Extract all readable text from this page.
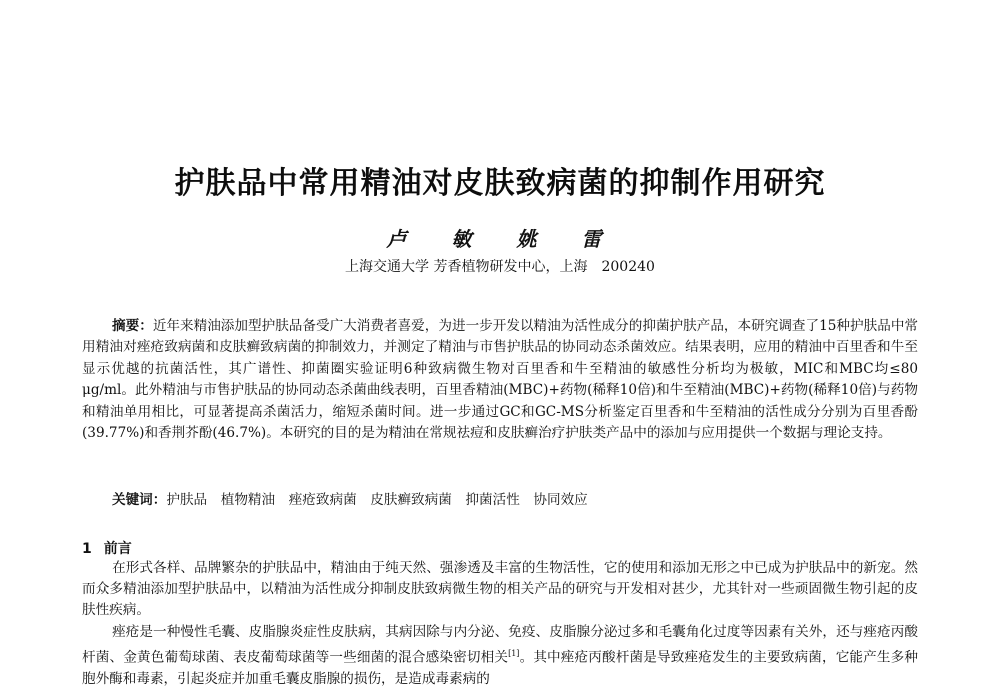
护肤品中常用精油对皮肤致病菌的抑制作用研究
卢 敏 姚 雷
上海交通大学 芳香植物研发中心，上海　200240
摘要：近年来精油添加型护肤品备受广大消费者喜爱，为进一步开发以精油为活性成分的抑菌护肤产品，本研究调查了15种护肤品中常用精油对痤疮致病菌和皮肤癣致病菌的抑制效力，并测定了精油与市售护肤品的协同动态杀菌效应。结果表明，应用的精油中百里香和牛至显示优越的抗菌活性，其广谱性、抑菌圈实验证明6种致病微生物对百里香和牛至精油的敏感性分析均为极敏，MIC和MBC均≤80 μg/ml。此外精油与市售护肤品的协同动态杀菌曲线表明，百里香精油(MBC)+药物(稀释10倍)和牛至精油(MBC)+药物(稀释10倍)与药物和精油单用相比，可显著提高杀菌活力，缩短杀菌时间。进一步通过GC和GC-MS分析鉴定百里香和牛至精油的活性成分分别为百里香酚(39.77%)和香荆芥酚(46.7%)。本研究的目的是为精油在常规祛痘和皮肤癣治疗护肤类产品中的添加与应用提供一个数据与理论支持。
关键词：护肤品　植物精油　痤疮致病菌　皮肤癣致病菌　抑菌活性　协同效应
1 前言

在形式各样、品牌繁杂的护肤品中，精油由于纯天然、强渗透及丰富的生物活性，它的使用和添加无形之中已成为护肤品中的新宠。然而众多精油添加型护肤品中，以精油为活性成分抑制皮肤致病微生物的相关产品的研究与开发相对甚少，尤其针对一些顽固微生物引起的皮肤性疾病。

痤疮是一种慢性毛囊、皮脂腺炎症性皮肤病，其病因除与内分泌、免疫、皮脂腺分泌过多和毛囊角化过度等因素有关外，还与痤疮丙酸杆菌、金黄色葡萄球菌、表皮葡萄球菌等一些细菌的混合感染密切相关[1]。其中痤疮丙酸杆菌是导致痤疮发生的主要致病菌，它能产生多种胞外酶和毒素，引起炎症并加重毛囊皮脂腺的损伤，是造成毒素病的
